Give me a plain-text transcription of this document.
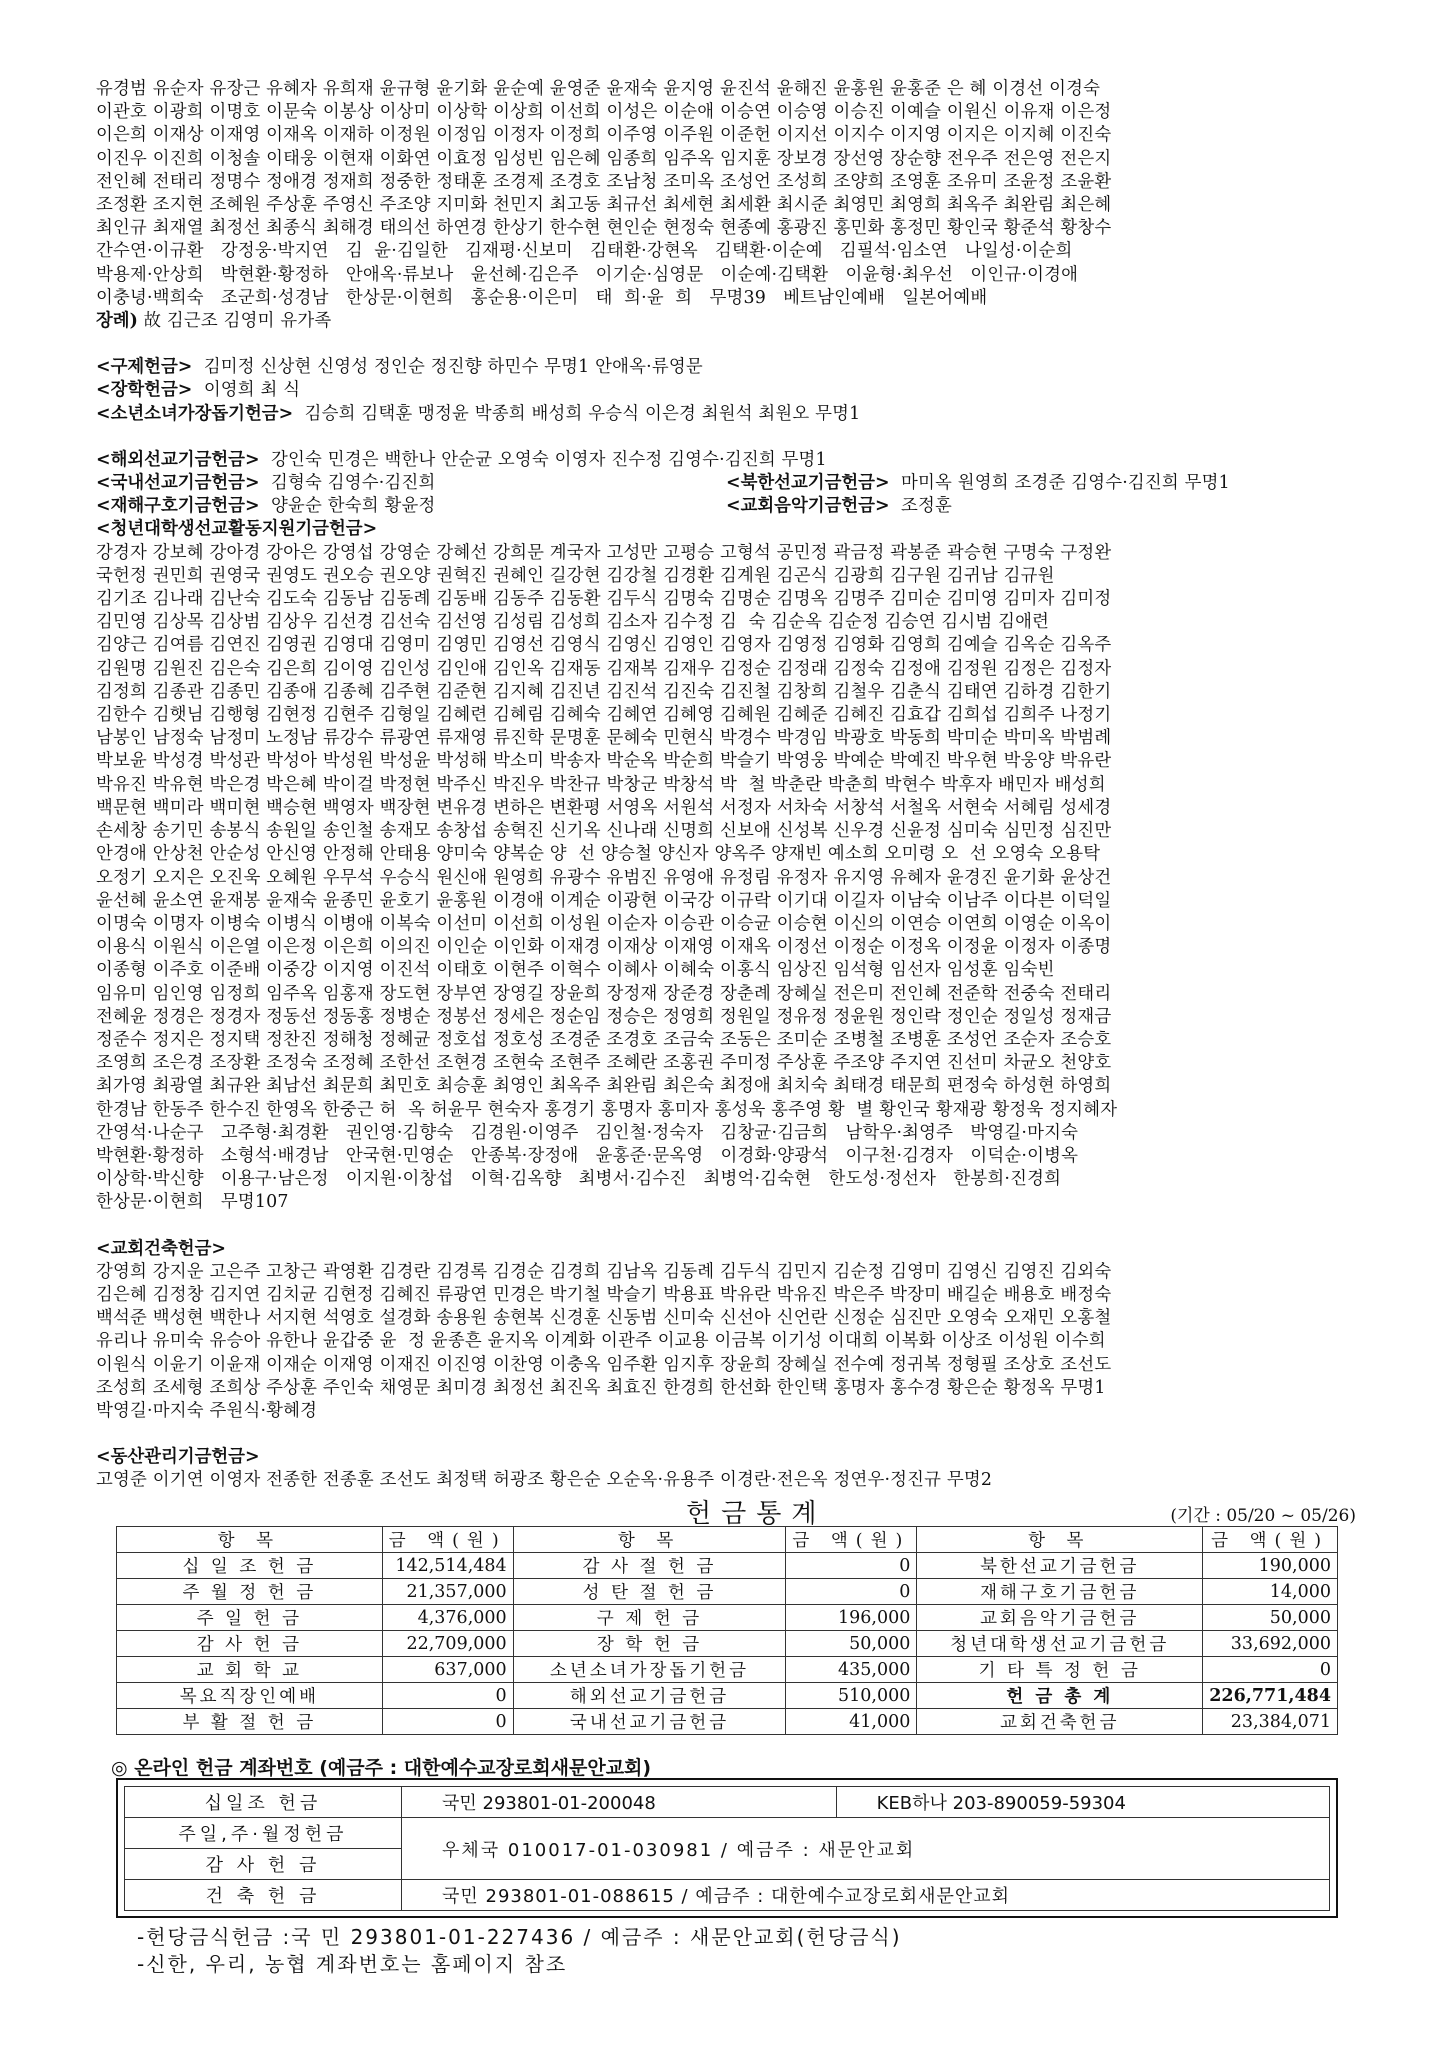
유경범 유순자 유장근 유혜자 유희재 윤규형 윤기화 윤순예 윤영준 윤재숙 윤지영 윤진석 윤해진 윤홍원 윤홍준 은 혜 이경선 이경숙
이관호 이광희 이명호 이문숙 이봉상 이상미 이상학 이상희 이선희 이성은 이순애 이승연 이승영 이승진 이예슬 이원신 이유재 이은정
이은희 이재상 이재영 이재옥 이재하 이정원 이정임 이정자 이정희 이주영 이주원 이준헌 이지선 이지수 이지영 이지은 이지혜 이진숙
이진우 이진희 이청솔 이태웅 이현재 이화연 이효정 임성빈 임은혜 임종희 임주옥 임지훈 장보경 장선영 장순향 전우주 전은영 전은지
전인혜 전태리 정명수 정애경 정재희 정중한 정태훈 조경제 조경호 조남청 조미옥 조성언 조성희 조양희 조영훈 조유미 조윤정 조윤환
조정환 조지현 조혜원 주상훈 주영신 주조양 지미화 천민지 최고동 최규선 최세현 최세환 최시준 최영민 최영희 최옥주 최완림 최은혜
최인규 최재열 최정선 최종식 최해경 태의선 하연경 한상기 한수현 현인순 현정숙 현종예 홍광진 홍민화 홍정민 황인국 황준석 황창수
간수연·이규환   강정웅·박지연   김  윤·김일한   김재평·신보미   김태환·강현옥   김택환·이순예   김필석·임소연   나일성·이순희
박용제·안상희   박현환·황정하   안애옥·류보나   윤선혜·김은주   이기순·심영문   이순예·김택환   이윤형·최우선   이인규·이경애
이충녕·백희숙   조군희·성경남   한상문·이현희   홍순용·이은미   태  희·윤  희   무명39   베트남인예배   일본어예배
장례) 故 김근조 김영미 유가족
<구제헌금> 김미정 신상현 신영성 정인순 정진향 하민수 무명1 안애옥·류영문
<장학헌금> 이영희 최 식
<소년소녀가장돕기헌금> 김승희 김택훈 맹정윤 박종희 배성희 우승식 이은경 최원석 최원오 무명1
<해외선교기금헌금> 강인숙 민경은 백한나 안순균 오영숙 이영자 진수정 김영수·김진희 무명1
<국내선교기금헌금> 김형숙 김영수·김진희	<북한선교기금헌금> 마미옥 원영희 조경준 김영수·김진희 무명1
<재해구호기금헌금> 양윤순 한숙희 황윤정	<교회음악기금헌금> 조정훈
<청년대학생선교활동지원기금헌금>
강경자 강보혜 강아경 강아은 강영섭 강영순 강혜선 강희문 계국자 고성만 고평승 고형석 공민정 곽금정 곽봉준 곽승현 구명숙 구정완
국헌정 권민희 권영국 권영도 권오승 권오양 권혁진 권혜인 길강현 김강철 김경환 김계원 김곤식 김광희 김구원 김귀남 김규원
김기조 김나래 김난숙 김도숙 김동남 김동례 김동배 김동주 김동환 김두식 김명숙 김명순 김명옥 김명주 김미순 김미영 김미자 김미정
김민영 김상목 김상범 김상우 김선경 김선숙 김선영 김성림 김성희 김소자 김수정 김  숙 김순옥 김순정 김승연 김시범 김애련
김양근 김여름 김연진 김영권 김영대 김영미 김영민 김영선 김영식 김영신 김영인 김영자 김영정 김영화 김영희 김예슬 김옥순 김옥주
김원명 김원진 김은숙 김은희 김이영 김인성 김인애 김인옥 김재동 김재복 김재우 김정순 김정래 김정숙 김정애 김정원 김정은 김정자
김정희 김종관 김종민 김종애 김종혜 김주현 김준현 김지혜 김진년 김진석 김진숙 김진철 김창희 김철우 김춘식 김태연 김하경 김한기
김한수 김햇님 김행형 김현정 김현주 김형일 김혜련 김혜림 김혜숙 김혜연 김혜영 김혜원 김혜준 김혜진 김효갑 김희섭 김희주 나정기
남봉인 남정숙 남정미 노정남 류강수 류광연 류재영 류진학 문명훈 문혜숙 민현식 박경수 박경임 박광호 박동희 박미순 박미옥 박범례
박보윤 박성경 박성관 박성아 박성원 박성윤 박성해 박소미 박송자 박순옥 박순희 박슬기 박영웅 박예순 박예진 박우현 박웅양 박유란
박유진 박유현 박은경 박은혜 박이걸 박정현 박주신 박진우 박찬규 박창군 박창석 박  철 박춘란 박춘희 박현수 박후자 배민자 배성희
백문현 백미라 백미현 백승현 백영자 백장현 변유경 변하은 변환평 서영옥 서원석 서정자 서차숙 서창석 서철옥 서현숙 서혜림 성세경
손세창 송기민 송봉식 송원일 송인철 송재모 송창섭 송혁진 신기옥 신나래 신명희 신보애 신성복 신우경 신윤정 심미숙 심민정 심진만
안경애 안상천 안순성 안신영 안정해 안태용 양미숙 양복순 양  선 양승철 양신자 양옥주 양재빈 예소희 오미령 오  선 오영숙 오용탁
오정기 오지은 오진욱 오혜원 우무석 우승식 원신애 원영희 유광수 유범진 유영애 유정림 유정자 유지영 유혜자 윤경진 윤기화 윤상건
윤선혜 윤소연 윤재봉 윤재숙 윤종민 윤호기 윤홍원 이경애 이계순 이광현 이국강 이규락 이기대 이길자 이남숙 이남주 이다븐 이덕일
이명숙 이명자 이병숙 이병식 이병애 이복숙 이선미 이선희 이성원 이순자 이승관 이승균 이승현 이신의 이연승 이연희 이영순 이옥이
이용식 이원식 이은열 이은정 이은희 이의진 이인순 이인화 이재경 이재상 이재영 이재옥 이정선 이정순 이정옥 이정윤 이정자 이종명
이종형 이주호 이준배 이중강 이지영 이진석 이태호 이현주 이혁수 이혜사 이혜숙 이홍식 임상진 임석형 임선자 임성훈 임숙빈
임유미 임인영 임정희 임주옥 임홍재 장도현 장부연 장영길 장윤희 장정재 장준경 장춘례 장혜실 전은미 전인혜 전준학 전중숙 전태리
전혜윤 정경은 정경자 정동선 정동홍 정병순 정봉선 정세은 정순임 정승은 정영희 정원일 정유정 정윤원 정인락 정인순 정일성 정재금
정준수 정지은 정지택 정찬진 정해청 정혜균 정호섭 정호성 조경준 조경호 조금숙 조동은 조미순 조병철 조병훈 조성언 조순자 조승호
조영희 조은경 조장환 조정숙 조정혜 조한선 조현경 조현숙 조현주 조혜란 조홍권 주미정 주상훈 주조양 주지연 진선미 차균오 천양호
최가영 최광열 최규완 최남선 최문희 최민호 최승훈 최영인 최옥주 최완림 최은숙 최정애 최치숙 최태경 태문희 편정숙 하성현 하영희
한경남 한동주 한수진 한영옥 한중근 허  옥 허윤무 현숙자 홍경기 홍명자 홍미자 홍성욱 홍주영 황  별 황인국 황재광 황정욱 정지혜자
간영석·나순구   고주형·최경환   권인영·김향숙   김경원·이영주   김인철·정숙자   김창균·김금희   남학우·최영주   박영길·마지숙
박현환·황정하   소형석·배경남   안국현·민영순   안종복·장정애   윤홍준·문옥영   이경화·양광석   이구천·김경자   이덕순·이병옥
이상학·박신향   이용구·남은정   이지원·이창섭   이혁·김옥향   최병서·김수진   최병억·김숙현   한도성·정선자   한봉희·진경희
한상문·이현희   무명107
<교회건축헌금>
강영희 강지운 고은주 고창근 곽영환 김경란 김경록 김경순 김경희 김남옥 김동례 김두식 김민지 김순정 김영미 김영신 김영진 김외숙
김은혜 김정창 김지연 김치균 김현정 김혜진 류광연 민경은 박기철 박슬기 박용표 박유란 박유진 박은주 박장미 배길순 배용호 배정숙
백석준 백성현 백한나 서지현 석영호 설경화 송용원 송현복 신경훈 신동범 신미숙 신선아 신언란 신정순 심진만 오영숙 오재민 오홍철
유리나 유미숙 유승아 유한나 윤갑중 윤  정 윤종흔 윤지옥 이계화 이관주 이교용 이금복 이기성 이대희 이복화 이상조 이성원 이수희
이원식 이윤기 이윤재 이재순 이재영 이재진 이진영 이찬영 이충옥 임주환 임지후 장윤희 장혜실 전수예 정귀복 정형필 조상호 조선도
조성희 조세형 조희상 주상훈 주인숙 채영문 최미경 최정선 최진옥 최효진 한경희 한선화 한인택 홍명자 홍수경 황은순 황정옥 무명1
박영길·마지숙 주원식·황혜경
<동산관리기금헌금>
고영준 이기연 이영자 전종한 전종훈 조선도 최정택 허광조 황은순 오순옥·유용주 이경란·전은옥 정연우·정진규 무명2
헌금통계	(기간 : 05/20 ~ 05/26)
항 목	금 액(원)	항 목	금 액(원)	항 목	금 액(원)
십 일 조 헌 금	142,514,484	감 사 절 헌 금	0	북한선교기금헌금	190,000
주 월 정 헌 금	21,357,000	성 탄 절 헌 금	0	재해구호기금헌금	14,000
주 일 헌 금	4,376,000	구 제 헌 금	196,000	교회음악기금헌금	50,000
감 사 헌 금	22,709,000	장 학 헌 금	50,000	청년대학생선교기금헌금	33,692,000
교 회 학 교	637,000	소년소녀가장돕기헌금	435,000	기 타 특 정 헌 금	0
목요직장인예배	0	해외선교기금헌금	510,000	헌 금 총 계	226,771,484
부 활 절 헌 금	0	국내선교기금헌금	41,000	교회건축헌금	23,384,071
◎ 온라인 헌금 계좌번호 (예금주 : 대한예수교장로회새문안교회)
십일조 헌금	국민 293801-01-200048	KEB하나 203-890059-59304
주일,주·월정헌금	우체국 010017-01-030981 / 예금주 : 새문안교회	
감 사 헌 금		
건 축 헌 금	국민 293801-01-088615 / 예금주 : 대한예수교장로회새문안교회	
-헌당금식헌금 :국 민 293801-01-227436 / 예금주 : 새문안교회(헌당금식)
-신한, 우리, 농협 계좌번호는 홈페이지 참조
